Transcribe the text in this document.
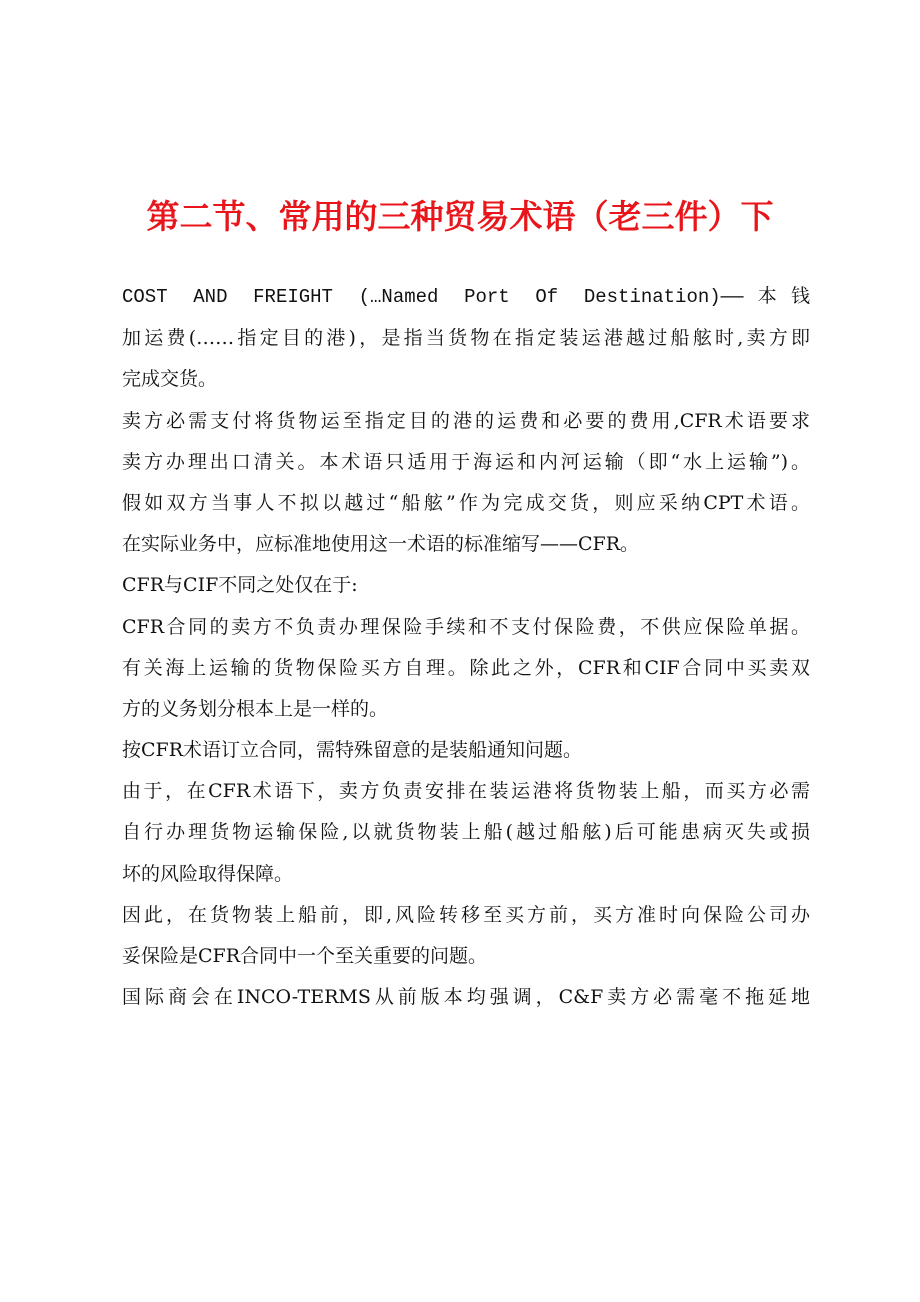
第二节、常用的三种贸易术语（老三件）下
COST AND FREIGHT (…Named Port Of Destination)——本钱
加运费(……指定目的港)，是指当货物在指定装运港越过船舷时,卖方即
完成交货。
卖方必需支付将货物运至指定目的港的运费和必要的费用,CFR术语要求
卖方办理出口清关。本术语只适用于海运和内河运输（即“水上运输”)。
假如双方当事人不拟以越过“船舷”作为完成交货，则应采纳CPT术语。
在实际业务中，应标准地使用这一术语的标准缩写——CFR。
CFR与CIF不同之处仅在于:
CFR合同的卖方不负责办理保险手续和不支付保险费，不供应保险单据。
有关海上运输的货物保险买方自理。除此之外，CFR和CIF合同中买卖双
方的义务划分根本上是一样的。
按CFR术语订立合同，需特殊留意的是装船通知问题。
由于，在CFR术语下，卖方负责安排在装运港将货物装上船，而买方必需
自行办理货物运输保险,以就货物装上船(越过船舷)后可能患病灭失或损
坏的风险取得保障。
因此，在货物装上船前，即,风险转移至买方前，买方准时向保险公司办
妥保险是CFR合同中一个至关重要的问题。
国际商会在INCO-TERMS从前版本均强调，C&F卖方必需毫不拖延地
